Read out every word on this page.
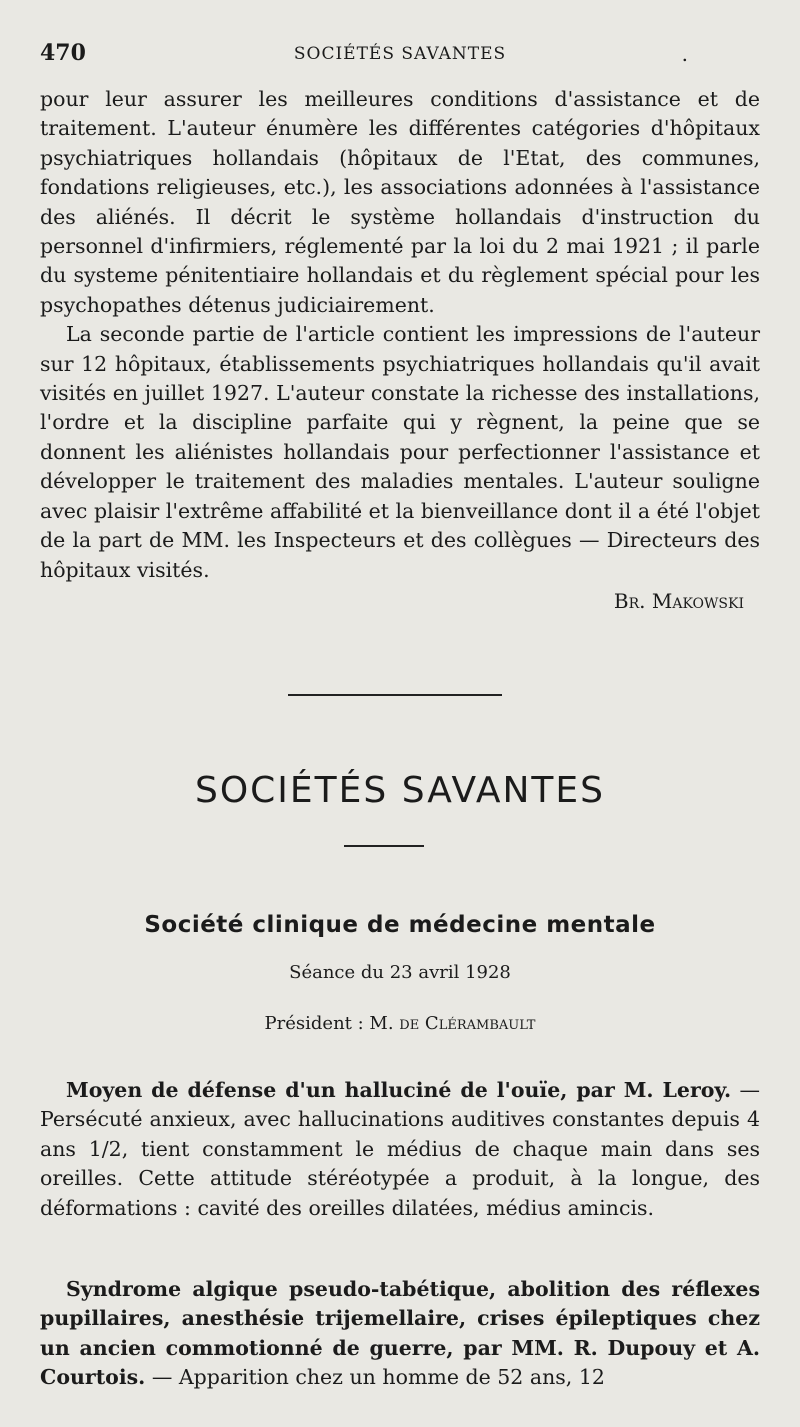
470	SOCIÉTÉS SAVANTES	.

pour leur assurer les meilleures conditions d'assistance et de traitement. L'auteur énumère les différentes catégories d'hôpitaux psychiatriques hollandais (hôpitaux de l'Etat, des communes, fondations religieuses, etc.), les associations adonnées à l'assistance des aliénés. Il décrit le système hollandais d'instruction du personnel d'infirmiers, réglementé par la loi du 2 mai 1921 ; il parle du systeme pénitentiaire hollandais et du règlement spécial pour les psychopathes détenus judiciairement.

La seconde partie de l'article contient les impressions de l'auteur sur 12 hôpitaux, établissements psychiatriques hollandais qu'il avait visités en juillet 1927. L'auteur constate la richesse des installations, l'ordre et la discipline parfaite qui y règnent, la peine que se donnent les aliénistes hollandais pour perfectionner l'assistance et développer le traitement des maladies mentales. L'auteur souligne avec plaisir l'extrême affabilité et la bienveillance dont il a été l'objet de la part de MM. les Inspecteurs et des collègues — Directeurs des hôpitaux visités.

Br. Makowski
SOCIÉTÉS SAVANTES
Société clinique de médecine mentale
Séance du 23 avril 1928
Président : M. de Clérambault

Moyen de défense d'un halluciné de l'ouïe, par M. Leroy. — Persécuté anxieux, avec hallucinations auditives constantes depuis 4 ans 1/2, tient constamment le médius de chaque main dans ses oreilles. Cette attitude stéréotypée a produit, à la longue, des déformations : cavité des oreilles dilatées, médius amincis.

Syndrome algique pseudo-tabétique, abolition des réflexes pupillaires, anesthésie trijemellaire, crises épileptiques chez un ancien commotionné de guerre, par MM. R. Dupouy et A. Courtois. — Apparition chez un homme de 52 ans, 12
